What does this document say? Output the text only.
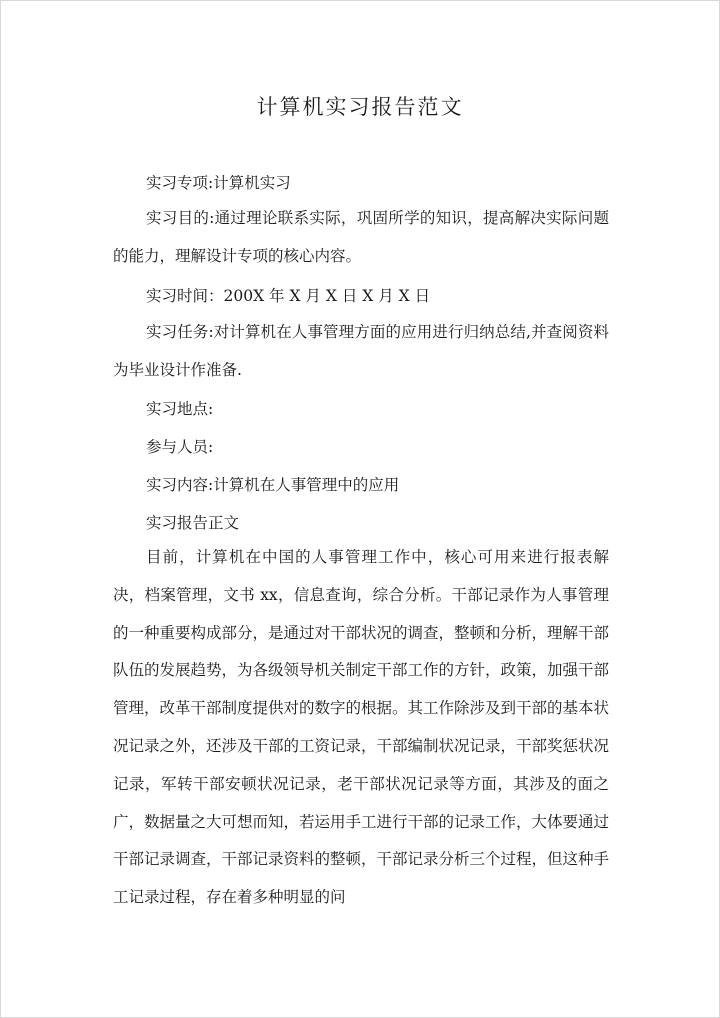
计算机实习报告范文
实习专项:计算机实习
实习目的:通过理论联系实际，巩固所学的知识，提高解决实际问题的能力，理解设计专项的核心内容。
实习时间：200X 年 X 月 X 日 X 月 X 日
实习任务:对计算机在人事管理方面的应用进行归纳总结,并查阅资料为毕业设计作准备.
实习地点:
参与人员:
实习内容:计算机在人事管理中的应用
实习报告正文
目前，计算机在中国的人事管理工作中，核心可用来进行报表解决，档案管理，文书 xx，信息查询，综合分析。干部记录作为人事管理的一种重要构成部分，是通过对干部状况的调查，整顿和分析，理解干部队伍的发展趋势，为各级领导机关制定干部工作的方针，政策，加强干部管理，改革干部制度提供对的数字的根据。其工作除涉及到干部的基本状况记录之外，还涉及干部的工资记录，干部编制状况记录，干部奖惩状况记录，军转干部安顿状况记录，老干部状况记录等方面，其涉及的面之广，数据量之大可想而知，若运用手工进行干部的记录工作，大体要通过干部记录调查，干部记录资料的整顿，干部记录分析三个过程，但这种手工记录过程，存在着多种明显的问
